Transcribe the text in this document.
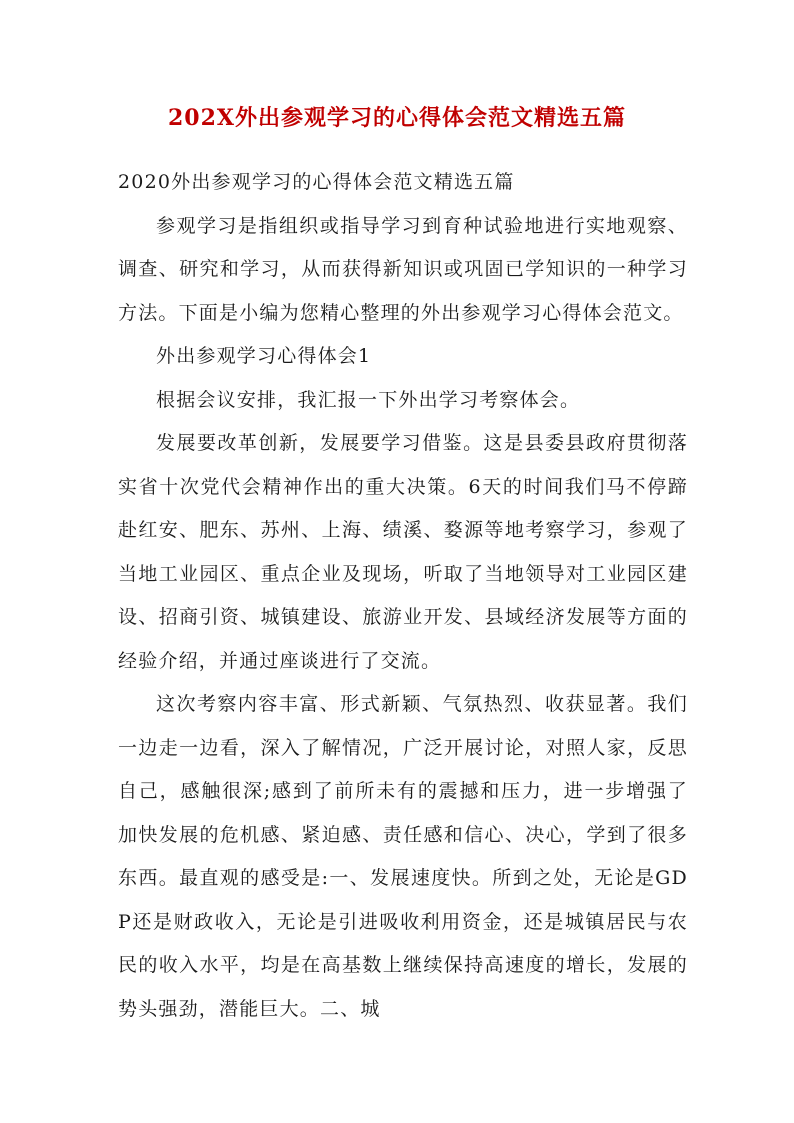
202X外出参观学习的心得体会范文精选五篇

2020外出参观学习的心得体会范文精选五篇

参观学习是指组织或指导学习到育种试验地进行实地观察、调查、研究和学习，从而获得新知识或巩固已学知识的一种学习方法。下面是小编为您精心整理的外出参观学习心得体会范文。

外出参观学习心得体会1

根据会议安排，我汇报一下外出学习考察体会。

发展要改革创新，发展要学习借鉴。这是县委县政府贯彻落实省十次党代会精神作出的重大决策。6天的时间我们马不停蹄赴红安、肥东、苏州、上海、绩溪、婺源等地考察学习，参观了当地工业园区、重点企业及现场，听取了当地领导对工业园区建设、招商引资、城镇建设、旅游业开发、县域经济发展等方面的经验介绍，并通过座谈进行了交流。

这次考察内容丰富、形式新颖、气氛热烈、收获显著。我们一边走一边看，深入了解情况，广泛开展讨论，对照人家，反思自己，感触很深;感到了前所未有的震撼和压力，进一步增强了加快发展的危机感、紧迫感、责任感和信心、决心，学到了很多东西。最直观的感受是:一、发展速度快。所到之处，无论是GDP还是财政收入，无论是引进吸收利用资金，还是城镇居民与农民的收入水平，均是在高基数上继续保持高速度的增长，发展的势头强劲，潜能巨大。二、城
